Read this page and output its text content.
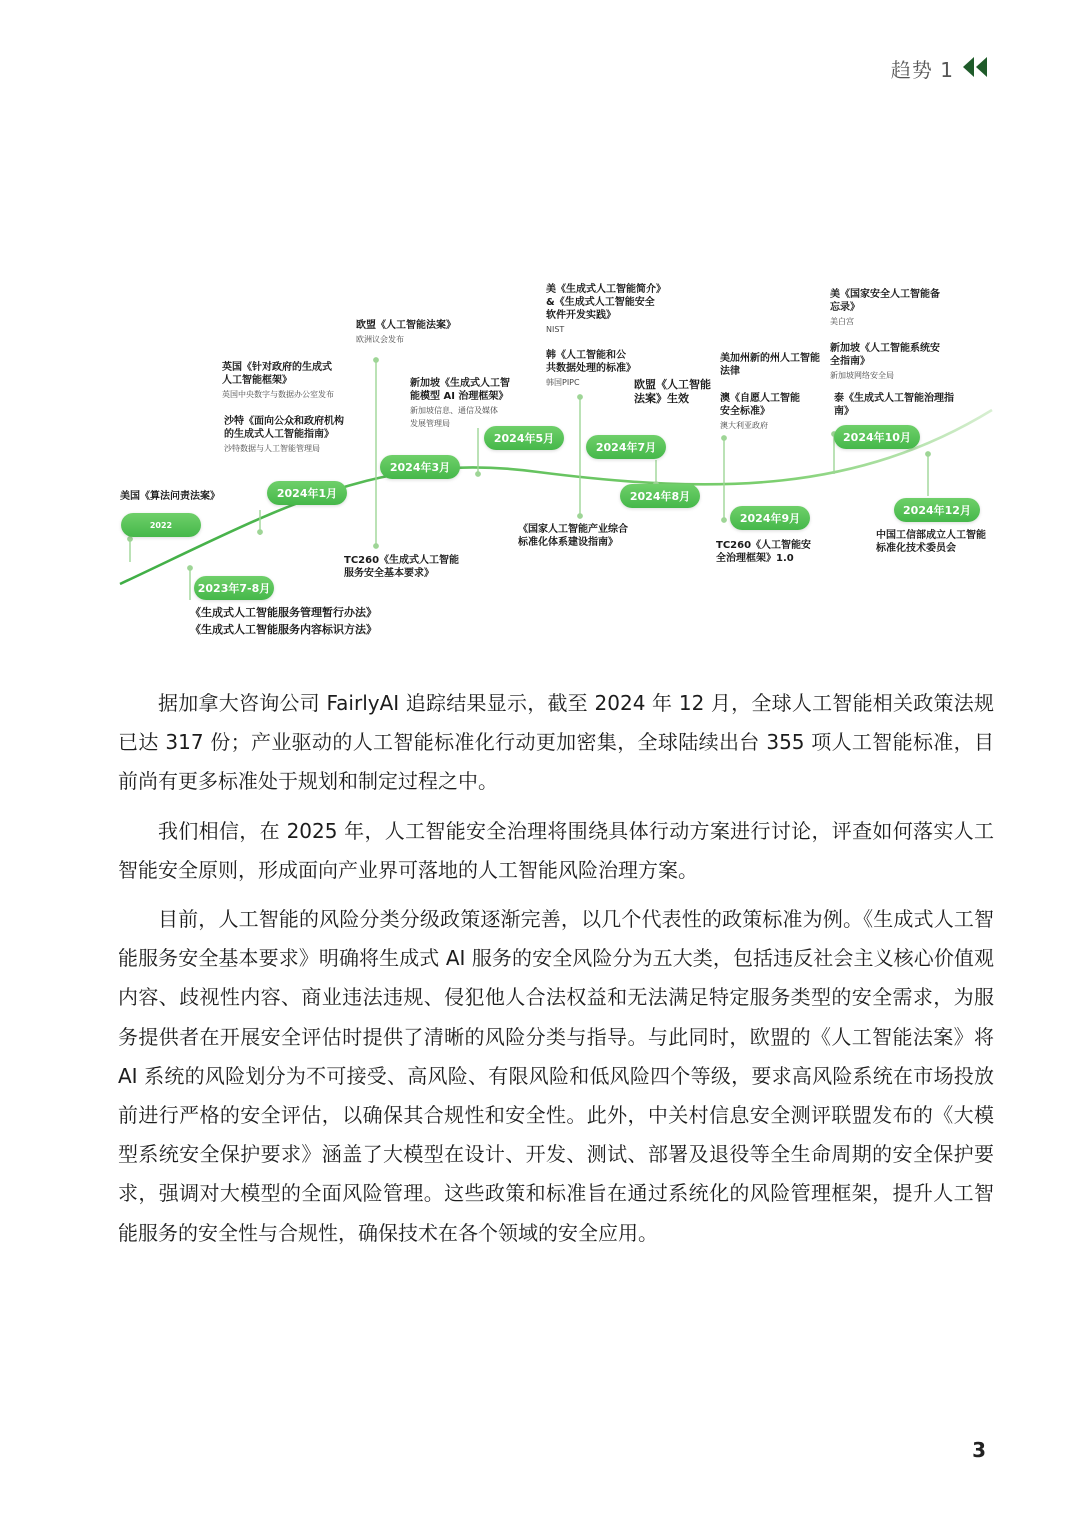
趋势 1
2022
2023年7-8月
2024年1月
2024年3月
2024年5月
2024年7月
2024年8月
2024年9月
2024年10月
2024年12月
美国《算法问责法案》
《生成式人工智能服务管理暂行办法》
《生成式人工智能服务内容标识方法》
英国《针对政府的生成式
人工智能框架》
英国中央数字与数据办公室发布
沙特《面向公众和政府机构
的生成式人工智能指南》
沙特数据与人工智能管理局
欧盟《人工智能法案》
欧洲议会发布
TC260《生成式人工智能
服务安全基本要求》
新加坡《生成式人工智
能模型 AI 治理框架》
新加坡信息、通信及媒体
发展管理局
美《生成式人工智能简介》
&《生成式人工智能安全
软件开发实践》
NIST
韩《人工智能和公
共数据处理的标准》
韩国PIPC
《国家人工智能产业综合
标准化体系建设指南》
欧盟《人工智能
法案》生效
美加州新的州人工智能
法律
澳《自愿人工智能
安全标准》
澳大利亚政府
TC260《人工智能安
全治理框架》1.0
美《国家安全人工智能备
忘录》
美白宫
新加坡《人工智能系统安
全指南》
新加坡网络安全局
泰《生成式人工智能治理指
南》
中国工信部成立人工智能
标准化技术委员会

据加拿大咨询公司 FairlyAI 追踪结果显示，截至 2024 年 12 月，全球人工智能相关政策法规已达 317 份；产业驱动的人工智能标准化行动更加密集，全球陆续出台 355 项人工智能标准，目前尚有更多标准处于规划和制定过程之中。

我们相信，在 2025 年，人工智能安全治理将围绕具体行动方案进行讨论，评查如何落实人工智能安全原则，形成面向产业界可落地的人工智能风险治理方案。

目前，人工智能的风险分类分级政策逐渐完善，以几个代表性的政策标准为例。《生成式人工智能服务安全基本要求》明确将生成式 AI 服务的安全风险分为五大类，包括违反社会主义核心价值观内容、歧视性内容、商业违法违规、侵犯他人合法权益和无法满足特定服务类型的安全需求，为服务提供者在开展安全评估时提供了清晰的风险分类与指导。与此同时，欧盟的《人工智能法案》将 AI 系统的风险划分为不可接受、高风险、有限风险和低风险四个等级，要求高风险系统在市场投放前进行严格的安全评估，以确保其合规性和安全性。此外，中关村信息安全测评联盟发布的《大模型系统安全保护要求》涵盖了大模型在设计、开发、测试、部署及退役等全生命周期的安全保护要求，强调对大模型的全面风险管理。这些政策和标准旨在通过系统化的风险管理框架，提升人工智能服务的安全性与合规性，确保技术在各个领域的安全应用。

3
